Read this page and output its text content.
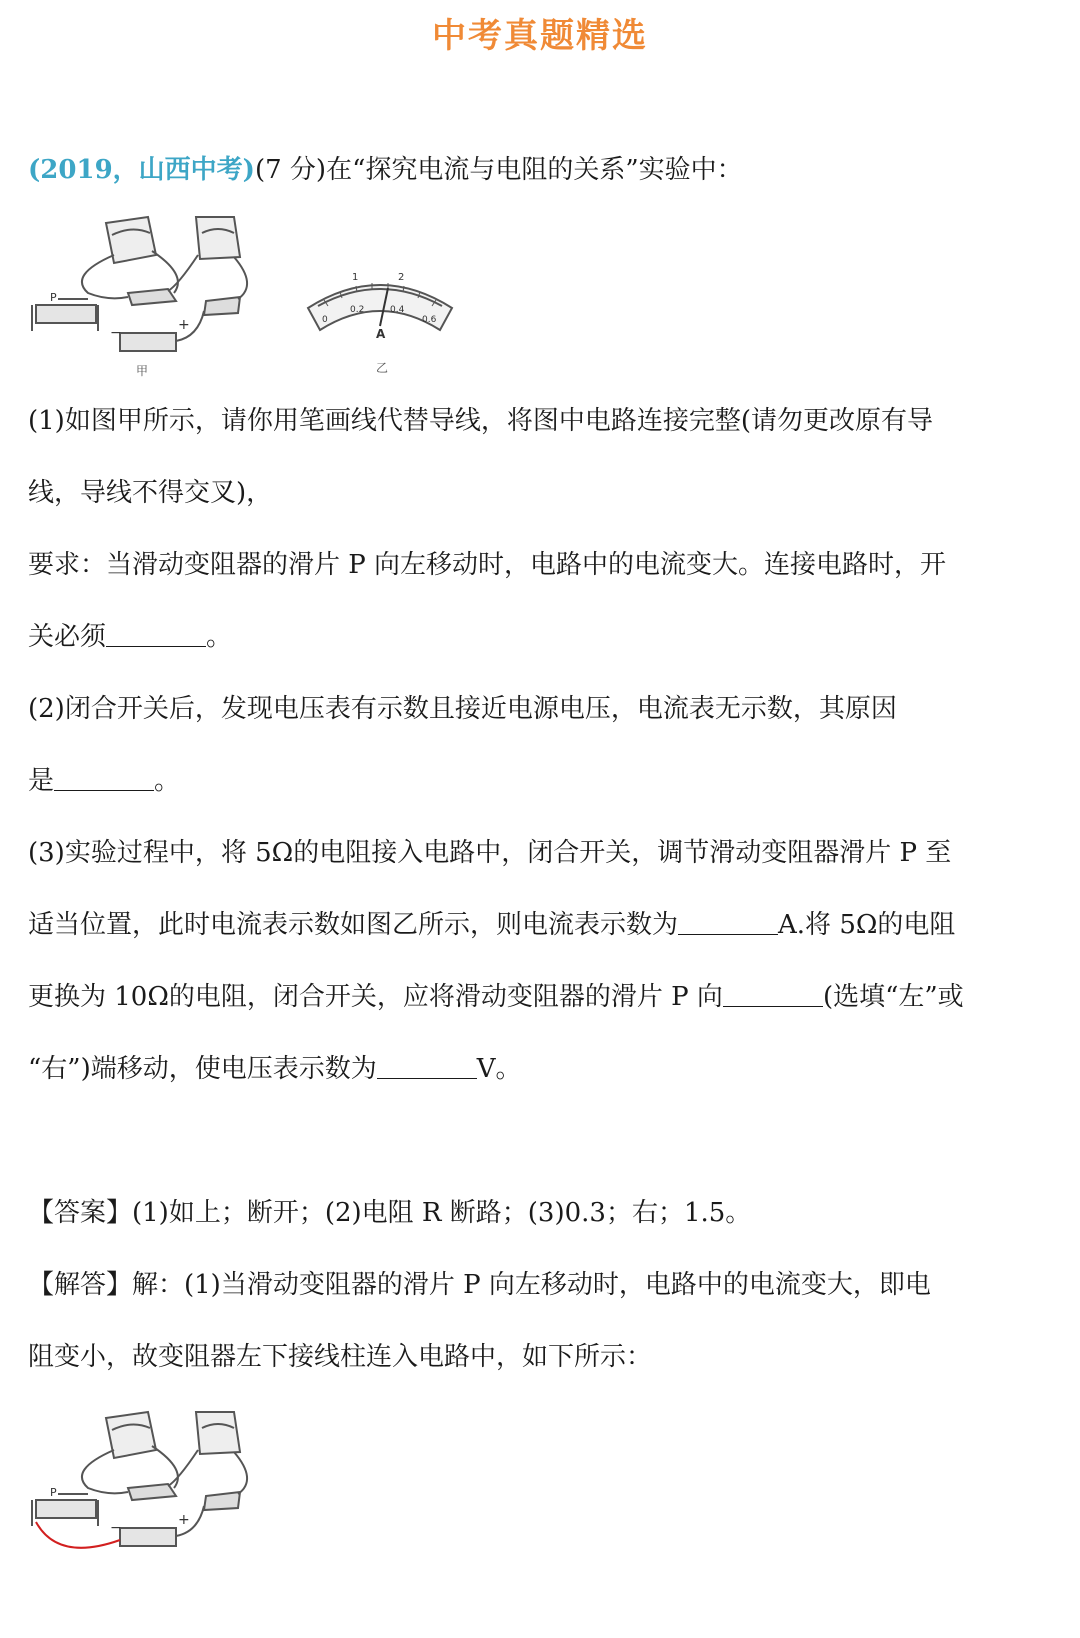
中考真题精选
(2019，山西中考)(7 分)在“探究电流与电阻的关系”实验中：
−	+
P
甲
1	2
0
0.2	0.4
0.6
A
乙
(1)如图甲所示，请你用笔画线代替导线，将图中电路连接完整(请勿更改原有导
线，导线不得交叉)，
要求：当滑动变阻器的滑片 P 向左移动时，电路中的电流变大。连接电路时，开
关必须	。
(2)闭合开关后，发现电压表有示数且接近电源电压，电流表无示数，其原因
是	。
(3)实验过程中，将 5Ω的电阻接入电路中，闭合开关，调节滑动变阻器滑片 P 至
适当位置，此时电流表示数如图乙所示，则电流表示数为	A.将 5Ω的电阻
更换为 10Ω的电阻，闭合开关，应将滑动变阻器的滑片 P 向	(选填“左”或
“右”)端移动，使电压表示数为	V。
【答案】(1)如上；断开；(2)电阻 R 断路；(3)0.3；右；1.5。
【解答】解：(1)当滑动变阻器的滑片 P 向左移动时，电路中的电流变大，即电
阻变小，故变阻器左下接线柱连入电路中，如下所示：
−	+
P
